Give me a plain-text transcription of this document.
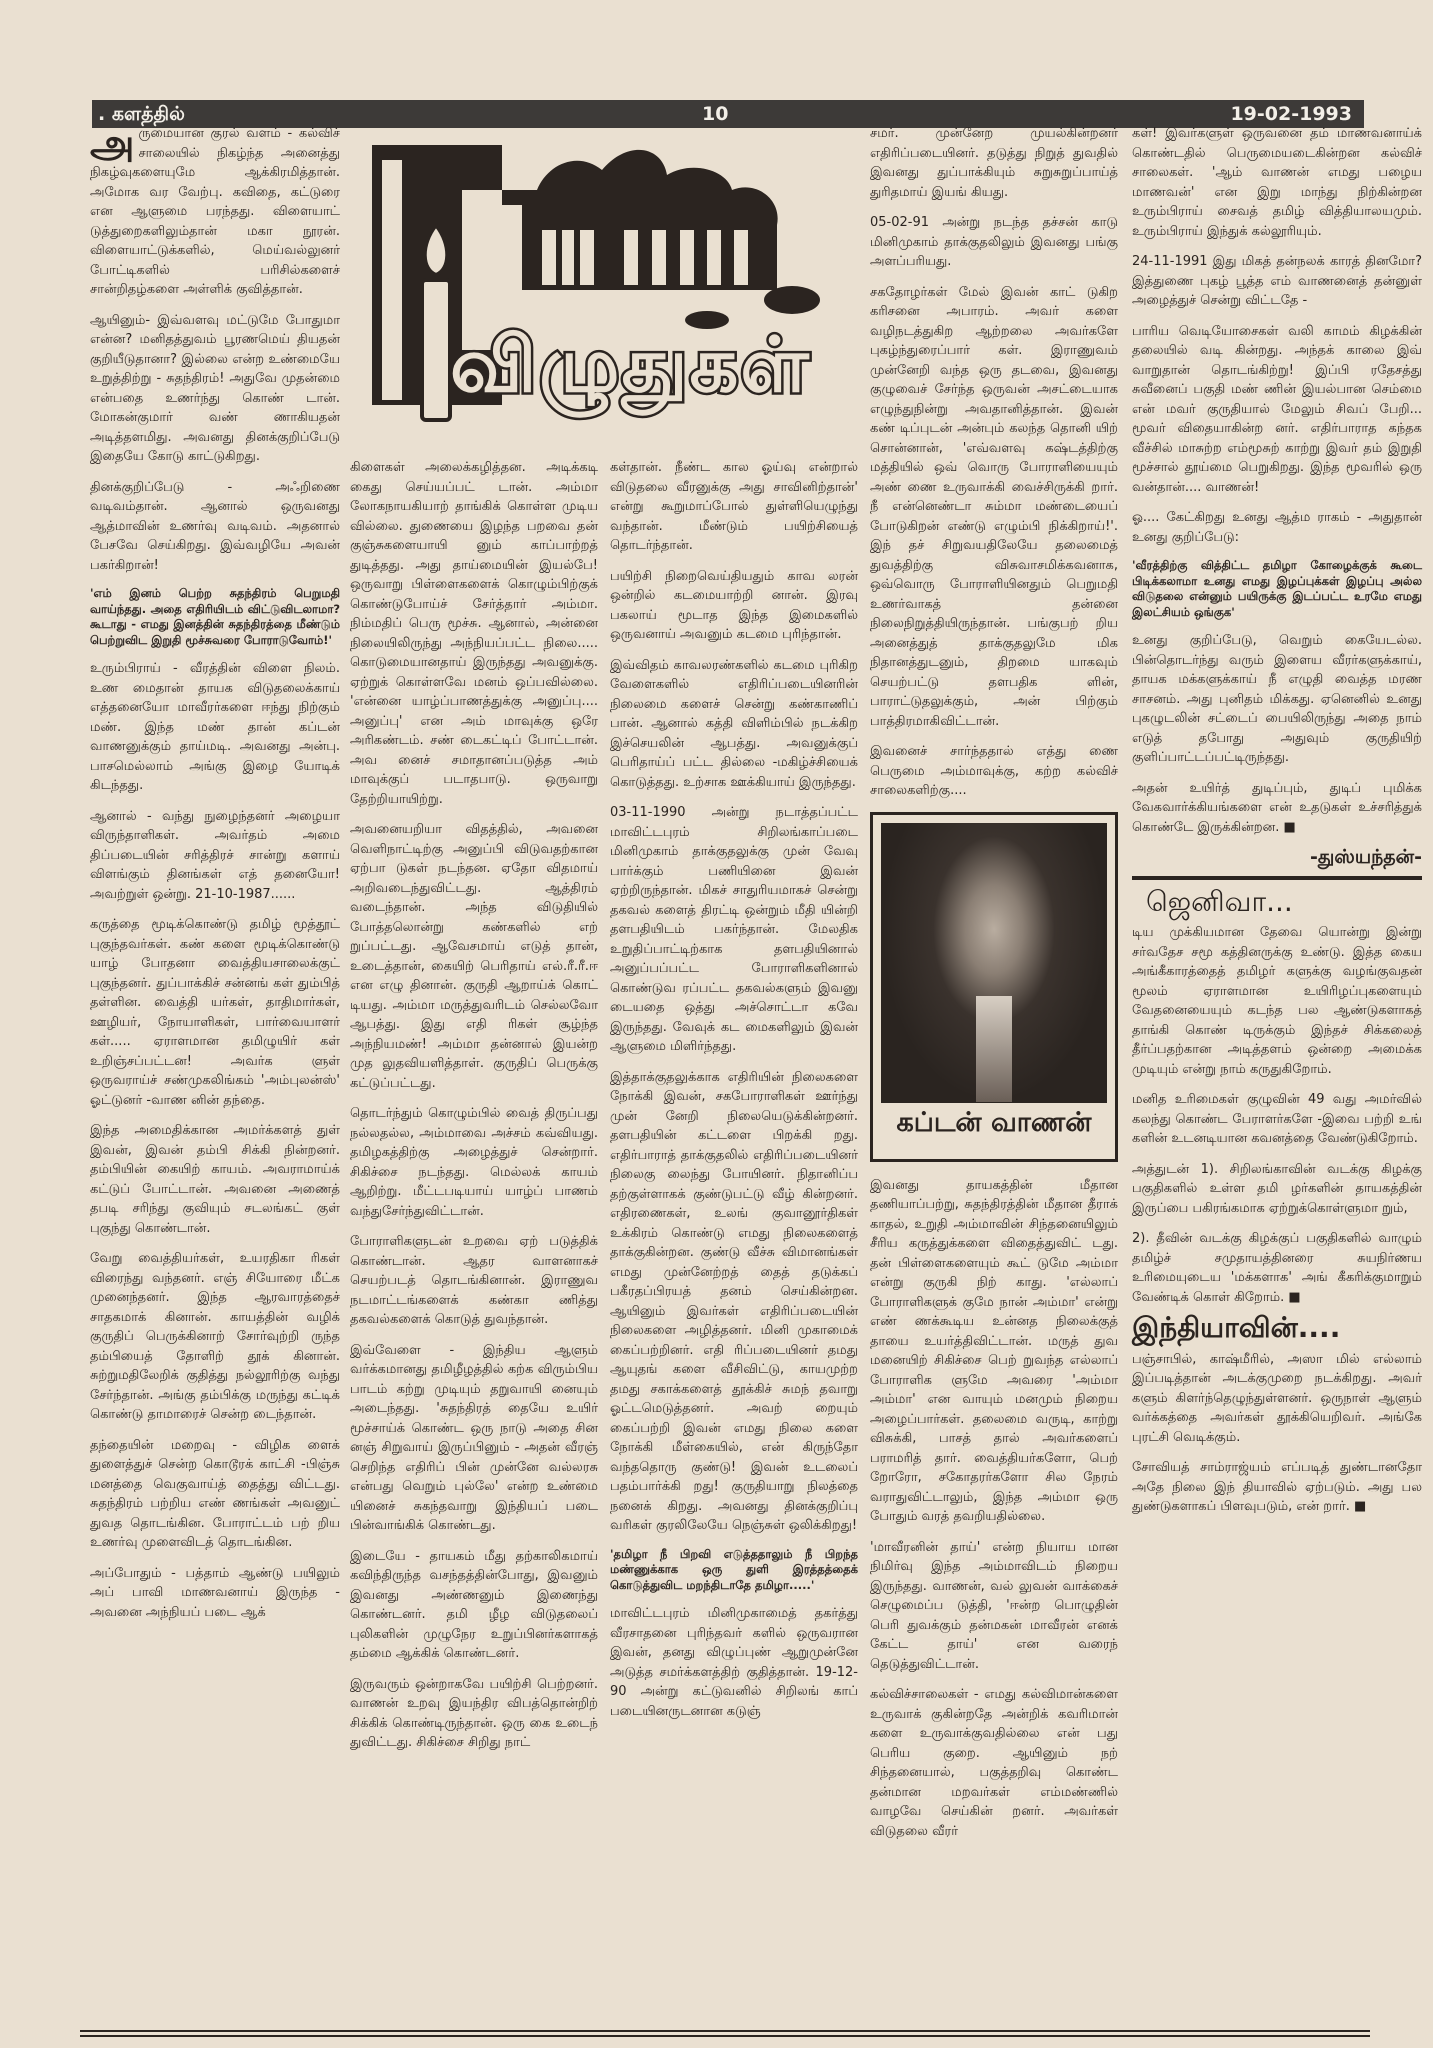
. களத்தில்	10	19-02-1993
விழுதுகள்

அருமையான குரல் வளம் - கல்விச் சாலையில் நிகழ்ந்த அனைத்து நிகழ்வுகளையுமே ஆக்கிரமித்தான். அமோக வர வேற்பு. கவிதை, கட்டுரை என ஆளுமை பரந்தது. விளையாட் டுத்துறைகளிலும்தான் மகா நூரன். விளையாட்டுக்களில், மெய்வல்லுனர் போட்டிகளில் பரிசில்களைச் சான்றிதழ்களை அள்ளிக் குவித்தான்.

ஆயினும்- இவ்வளவு மட்டுமே போதுமா என்ன? மனிதத்துவம் பூரணமெய் தியதன் குறியீடுதானா? இல்லை என்ற உண்மையே உறுத்திற்று - சுதந்திரம்! அதுவே முதன்மை என்பதை உணர்ந்து கொண் டான். மோகன்குமார் வண் ணாகியதன் அடித்தளமிது. அவனது தினக்குறிப்பேடு இதையே கோடு காட்டுகிறது.

தினக்குறிப்பேடு - அஃறிணை வடிவம்தான். ஆனால் ஒருவனது ஆத்மாவின் உணர்வு வடிவம். அதனால் பேசவே செய்கிறது. இவ்வழியே அவன் பகர்கிறான்!

'எம் இனம் பெற்ற சுதந்திரம் பெறுமதி வாய்ந்தது. அதை எதிரியிடம் விட்டுவிடலாமா? கூடாது - எமது இனத்தின் சுதந்திரத்தை மீண்டும் பெற்றுவிட இறுதி மூச்சுவரை போராடுவோம்!'

உரும்பிராய் - வீரத்தின் விளை நிலம். உண மைதான் தாயக விடுதலைக்காய் எத்தனையோ மாவீரர்களை ஈந்து நிற்கும் மண். இந்த மண் தான் கப்டன் வாணனுக்கும் தாய்மடி. அவனது அன்பு. பாசமெல்லாம் அங்கு இழை யோடிக் கிடந்தது.

ஆனால் - வந்து நுழைந்தனர் அழையா விருந்தாளிகள். அவர்தம் அமை திப்படையின் சரித்திரச் சான்று களாய் விளங்கும் தினங்கள் எத் தனையோ! அவற்றுள் ஒன்று. 21-10-1987......

கருத்தை மூடிக்கொண்டு தமிழ் மூத்தூட் புகுந்தவர்கள். கண் களை மூடிக்கொண்டு யாழ் போதனா வைத்தியசாலைக்குட் புகுந்தனர். துப்பாக்கிச் சன்னங் கள் தும்பித் தள்ளின. வைத்தி யர்கள், தாதிமார்கள், ஊழியர், நோயாளிகள், பார்வையாளர் கள்..... ஏராளமான தமிழுயிர் கள் உறிஞ்சப்பட்டன! அவர்க ளுள் ஒருவராய்ச் சண்முகலிங்கம் 'அம்புலன்ஸ்' ஓட்டுனர் -வாண னின் தந்தை.

இந்த அமைதிக்கான அமர்க்களத் துள் இவன், இவன் தம்பி சிக்கி நின்றனர். தம்பியின் கையிற் காயம். அவராமாய்க் கட்டுப் போட்டான். அவனை அணைத் தபடி சரிந்து குவியும் சடலங்கட் குள் புகுந்து கொண்டான்.

வேறு வைத்தியர்கள், உயரதிகா ரிகள் விரைந்து வந்தனர். எஞ் சியோரை மீட்க முனைந்தனர். இந்த ஆரவாரத்தைச் சாதகமாக் கினான். காயத்தின் வழிக் குருதிப் பெருக்கினாற் சோர்வுற்றி ருந்த தம்பியைத் தோளிற் தூக் கினான். சுற்றுமதிலேறிக் குதித்து நல்லூரிற்கு வந்து சேர்ந்தான். அங்கு தம்பிக்கு மருந்து கட்டிக் கொண்டு தாமாரைச் சென்ற டைந்தான்.

தந்தையின் மறைவு - விழிக ளைக் துளைத்துச் சென்ற கொடூரக் காட்சி -பிஞ்சு மனத்தை வெகுவாய்த் தைத்து விட்டது. சுதந்திரம் பற்றிய எண் ணங்கள் அவனுட் துவத தொடங்கின. போராட்டம் பற் றிய உணர்வு முளைவிடத் தொடங்கின.

அப்போதும் - பத்தாம் ஆண்டு பயிலும் அப் பாவி மாணவனாய் இருந்த - அவனை அந்நியப் படை ஆக்

கிளைகள் அலைக்கழித்தன. அடிக்கடி கைது செய்யப்பட் டான். அம்மா லோகநாயகியாற் தாங்கிக் கொள்ள முடிய வில்லை. துணையை இழந்த பறவை தன் குஞ்சுகளையாயி னும் காப்பாற்றத் துடித்தது. அது தாய்மையின் இயல்பே! ஒருவாறு பிள்ளைகளைக் கொழும்பிற்குக் கொண்டுபோய்ச் சேர்த்தார் அம்மா. நிம்மதிப் பெரு மூச்சு. ஆனால், அன்னை நிலையிலிருந்து அந்நியப்பட்ட நிலை..... கொடுமையானதாய் இருந்தது அவனுக்கு. ஏற்றுக் கொள்ளவே மனம் ஒப்பவில்லை. 'என்னை யாழ்ப்பாணத்துக்கு அனுப்பு.... அனுப்பு' என அம் மாவுக்கு ஒரே அரிகண்டம். சண் டைகட்டிப் போட்டான். அவ னைச் சமாதானப்படுத்த அம் மாவுக்குப் படாதபாடு. ஒருவாறு தேற்றியாயிற்று.

அவனையறியா விதத்தில், அவனை வெளிநாட்டிற்கு அனுப்பி விடுவதற்கான ஏற்பா டுகள் நடந்தன. ஏதோ விதமாய் அறிவடைந்துவிட்டது. ஆத்திரம் வடைந்தான். அந்த விடுதியில் போத்தலொன்று கண்களில் எற் றுப்பட்டது. ஆவேசமாய் எடுத் தான், உடைத்தான், கையிற் பெரிதாய் எல்.ரீ.ரீ.ஈ என எழு தினான். குருதி ஆறாய்க் கொட் டியது. அம்மா மருத்துவரிடம் செல்லவோ ஆபத்து. இது எதி ரிகள் சூழ்ந்த அந்நியமண்! அம்மா தன்னால் இயன்ற முத லுதவியளித்தாள். குருதிப் பெருக்கு கட்டுப்பட்டது.

தொடர்ந்தும் கொழும்பில் வைத் திருப்பது நல்லதல்ல, அம்மாவை அச்சம் கவ்வியது. தமிழகத்திற்கு அழைத்துச் சென்றார். சிகிச்சை நடந்தது. மெல்லக் காயம் ஆறிற்று. மீட்டபடியாய் யாழ்ப் பாணம் வந்துசேர்ந்துவிட்டான்.

போராளிகளுடன் உறவை ஏற் படுத்திக் கொண்டான். ஆதர வாளனாகச் செயற்படத் தொடங்கினான். இராணுவ நடமாட்டங்களைக் கண்கா ணித்து தகவல்களைக் கொடுத் துவந்தான்.

இவ்வேளை - இந்திய ஆளும் வர்க்கமானது தமிழீழத்தில் கற்க விரும்பிய பாடம் கற்று முடியும் தறுவாயி னையும் அடைந்தது. 'சுதந்திரத் தையே உயிர் மூச்சாய்க் கொண்ட ஒரு நாடு அதை சின னஞ் சிறுவாய் இருப்பினும் - அதன் வீரஞ் செறிந்த எதிரிப் பின் முன்னே வல்லரசு என்பது வெறும் புல்லே' என்ற உண்மை யினைச் சுகந்தவாறு இந்தியப் படை பின்வாங்கிக் கொண்டது.

இடையே - தாயகம் மீது தற்காலிகமாய் கவிந்திருந்த வசந்தத்தின்போது, இவனும் இவனது அண்ணனும் இணைந்து கொண்டனர். தமி ழீழ விடுதலைப் புலிகளின் முழுநேர உறுப்பினர்களாகத் தம்மை ஆக்கிக் கொண்டனர்.

இருவரும் ஒன்றாகவே பயிற்சி பெற்றனர். வாணன் உறவு இயந்திர விபத்தொன்றிற் சிக்கிக் கொண்டிருந்தான். ஒரு கை உடைந் துவிட்டது. சிகிச்சை சிறிது நாட்

கள்தான். நீண்ட கால ஓய்வு என்றால் விடுதலை வீரனுக்கு அது சாவினிற்தான்' என்று கூறுமாப்போல் துள்ளியெழுந்து வந்தான். மீண்டும் பயிற்சியைத் தொடர்ந்தான்.

பயிற்சி நிறைவெய்தியதும் காவ லரன் ஒன்றில் கடமையாற்றி னான். இரவு பகலாய் மூடாத இந்த இமைகளில் ஒருவனாய் அவனும் கடமை புரிந்தான்.

இவ்விதம் காவலரண்களில் கடமை புரிகிற வேளைகளில் எதிரிப்படையினரின் நிலைமை களைச் சென்று கண்காணிப் பான். ஆனால் கத்தி விளிம்பில் நடக்கிற இச்செயலின் ஆபத்து. அவனுக்குப் பெரிதாய்ப் பட்ட தில்லை -மகிழ்ச்சியைக் கொடுத்தது. உற்சாக ஊக்கியாய் இருந்தது.

03-11-1990 அன்று நடாத்தப்பட்ட மாவிட்டபுரம் சிறிலங்காப்படை மினிமுகாம் தாக்குதலுக்கு முன் வேவு பார்க்கும் பணியினை இவன் ஏற்றிருந்தான். மிகச் சாதுரியமாகச் சென்று தகவல் களைத் திரட்டி ஒன்றும் மீதி யின்றி தளபதியிடம் பகர்ந்தான். மேலதிக உறுதிப்பாட்டிற்காக தளபதியினால் அனுப்பப்பட்ட போராளிகளினால் கொண்டுவ ரப்பட்ட தகவல்களும் இவனு டையதை ஒத்து அச்சொட்டா கவே இருந்தது. வேவுக் கட மைகளிலும் இவன் ஆளுமை மிளிர்ந்தது.

இத்தாக்குதலுக்காக எதிரியின் நிலைகளை நோக்கி இவன், சகபோராளிகள் ஊர்ந்து முன் னேறி நிலையெடுக்கின்றனர். தளபதியின் கட்டளை பிறக்கி றது. எதிர்பாராத் தாக்குதலில் எதிரிப்படையினர் நிலைகு லைந்து போயினர். நிதானிப்ப தற்குள்ளாகக் குண்டுபட்டு வீழ் கின்றனர். எதிரணைகள், உலங் குவானூர்திகள் உக்கிரம் கொண்டு எமது நிலைகளைத் தாக்குகின்றன. குண்டு வீச்சு விமானங்கள் எமது முன்னேற்றத் தைத் தடுக்கப் பகீரதப்பிரயத் தனம் செய்கின்றன. ஆயினும் இவர்கள் எதிரிப்படையின் நிலைகளை அழித்தனர். மினி முகாமைக் கைப்பற்றினர். எதி ரிப்படையினர் தமது ஆயுதங் களை வீசிவிட்டு, காயமுற்ற தமது சகாக்களைத் தூக்கிச் சுமந் தவாறு ஓட்டமெடுத்தனர். அவற் றையும் கைப்பற்றி இவன் எமது நிலை களை நோக்கி மீள்கையில், என் கிருந்தோ வந்ததொரு குண்டு! இவன் உடலைப் பதம்பார்க்கி றது! குருதியாறு நிலத்தை நனைக் கிறது. அவனது தினக்குறிப்பு வரிகள் குரலிலேயே நெஞ்சுள் ஒலிக்கிறது!

'தமிழா நீ பிறவி எடுத்ததாலும் நீ பிறந்த மண்ணுக்காக ஒரு துளி இரத்தத்தைக் கொடுத்துவிட மறந்திடாதே தமிழா.....'

மாவிட்டபுரம் மினிமுகாமைத் தகர்த்து வீரசாதனை புரிந்தவர் களில் ஒருவரான இவன், தனது விழுப்புண் ஆறுமுன்னே அடுத்த சமர்க்களத்திற் குதித்தான். 19-12-90 அன்று கட்டுவனில் சிறிலங் காப் படையினருடனான கடுஞ்

சமர். முன்னேற முயல்கின்றனர் எதிரிப்படையினர். தடுத்து நிறுத் துவதில் இவனது துப்பாக்கியும் சுறுசுறுப்பாய்த் துரிதமாய் இயங் கியது.

05-02-91 அன்று நடந்த தச்சன் காடு மினிமுகாம் தாக்குதலிலும் இவனது பங்கு அளப்பரியது.

சகதோழர்கள் மேல் இவன் காட் டுகிற கரிசனை அபாரம். அவர் களை வழிநடத்துகிற ஆற்றலை அவர்களே புகழ்ந்துரைப்பார் கள். இராணுவம் முன்னேறி வந்த ஒரு தடவை, இவனது குழுவைச் சேர்ந்த ஒருவன் அசட்டையாக எழுந்துநின்று அவதானித்தான். இவன் கண் டிப்புடன் அன்பும் கலந்த தொனி யிற் சொன்னான், 'எவ்வளவு கஷ்டத்திற்கு மத்தியில் ஒவ் வொரு போராளியையும் அண் ணை உருவாக்கி வைச்சிருக்கி றார். நீ என்னெண்டா சும்மா மண்டையைப் போடுகிறன் எண்டு எழும்பி நிக்கிறாய்!'. இந் தச் சிறுவயதிலேயே தலைமைத் துவத்திற்கு விசுவாசமிக்கவனாக, ஒவ்வொரு போராளியினதும் பெறுமதி உணர்வாகத் தன்னை நிலைநிறுத்தியிருந்தான். பங்குபற் றிய அனைத்துத் தாக்குதலுமே மிக நிதானத்துடனும், திறமை யாகவும் செயற்பட்டு தளபதிக ளின், பாராட்டுதலுக்கும், அன் பிற்கும் பாத்திரமாகிவிட்டான்.

இவனைச் சார்ந்ததால் எத்து ணை பெருமை அம்மாவுக்கு, கற்ற கல்விச் சாலைகளிற்கு....

கப்டன் வாணன்

இவனது தாயகத்தின் மீதான தணியாப்பற்று, சுதந்திரத்தின் மீதான தீராக் காதல், உறுதி அம்மாவின் சிந்தனையிலும் சீரிய கருத்துக்களை விதைத்துவிட் டது. தன் பிள்ளைகளையும் கூட் டுமே அம்மா என்று குருகி நிற் காது. 'எல்லாப் போராளிகளுக் குமே நான் அம்மா' என்று எண் ணக்கூடிய உன்னத நிலைக்குத் தாயை உயர்த்திவிட்டான். மருத் துவ மனையிற் சிகிச்சை பெற் றுவந்த எல்லாப் போராளிக ளுமே அவரை 'அம்மா அம்மா' என வாயும் மனமும் நிறைய அழைப்பார்கள். தலைமை வருடி, காற்று விசுக்கி, பாசத் தால் அவர்களைப் பராமரித் தார். வைத்தியர்களோ, பெற் றோரோ, சகோதரர்களோ சில நேரம் வராதுவிட்டாலும், இந்த அம்மா ஒரு போதும் வரத் தவறியதில்லை.

'மாவீரனின் தாய்' என்ற நியாய மான நிமிர்வு இந்த அம்மாவிடம் நிறைய இருந்தது. வாணன், வல் லுவன் வாக்கைச் செழுமைப்ப டுத்தி, 'ஈன்ற பொழுதின் பெரி துவக்கும் தன்மகன் மாவீரன் எனக் கேட்ட தாய்' என வரைந் தெடுத்துவிட்டான்.

கல்விச்சாலைகள் - எமது கல்விமான்களை உருவாக் குகின்றதே அன்றிக் கவரிமான் களை உருவாக்குவதில்லை என் பது பெரிய குறை. ஆயினும் நற் சிந்தனையால், பகுத்தறிவு கொண்ட தன்மான மறவர்கள் எம்மண்ணில் வாழவே செய்கின் றனர். அவர்கள் விடுதலை வீரர்

கள்! இவர்களுள் ஒருவனை தம் மாணவனாய்க் கொண்டதில் பெருமையடைகின்றன கல்விச் சாலைகள். 'ஆம் வாணன் எமது பழைய மாணவன்' என இறு மாந்து நிற்கின்றன உரும்பிராய் சைவத் தமிழ் வித்தியாலயமும். உரும்பிராய் இந்துக் கல்லூரியும்.

24-11-1991 இது மிகத் தன்நலக் காரத் தினமோ? இத்துணை புகழ் பூத்த எம் வாணனைத் தன்னுள் அழைத்துச் சென்று விட்டதே -

பாரிய வெடியோசைகள் வலி காமம் கிழக்கின் தலையில் வடி கின்றது. அந்தக் காலை இவ் வாறுதான் தொடங்கிற்று! இப்பி ரதேசத்து சுவீனைப் பகுதி மண் ணின் இயல்பான செம்மை என் மவர் குருதியால் மேலும் சிவப் பேறி... மூவர் விதையாகின்ற னர். எதிர்பாராத கந்தக வீச்சில் மாசுற்ற எம்மூசுற் காற்று இவர் தம் இறுதி மூச்சால் தூய்மை பெறுகிறது. இந்த மூவரில் ஒரு வன்தான்.... வாணன்!

ஓ.... கேட்கிறது உனது ஆத்ம ராகம் - அதுதான் உனது குறிப்பேடு:

'வீரத்திற்கு வித்திட்ட தமிழா கோழைக்குக் கூடை பிடிக்கலாமா உனது எமது இழப்புக்கள் இழப்பு அல்ல விடுதலை என்னும் பயிருக்கு இடப்பட்ட உரமே எமது இலட்சியம் ஒங்குக'

உனது குறிப்பேடு, வெறும் கையேடல்ல. பின்தொடர்ந்து வரும் இளைய வீரர்களுக்காய், தாயக மக்களுக்காய் நீ எழுதி வைத்த மரண சாசனம். அது புனிதம் மிக்கது. ஏனெனில் உனது புகழுடலின் சட்டைப் பையிலிருந்து அதை நாம் எடுத் தபோது அதுவும் குருதியிற் குளிப்பாட்டப்பட்டிருந்தது.

அதன் உயிர்த் துடிப்பும், துடிப் புமிக்க வேகவார்க்கியங்களை என் உதடுகள் உச்சரித்துக் கொண்டே இருக்கின்றன. ■

-துஸ்யந்தன்-
ஜெனிவா...

டிய முக்கியமான தேவை யொன்று இன்று சர்வதேச சமூ கத்தினருக்கு உண்டு. இத்த கைய அங்கீகாரத்தைத் தமிழர் களுக்கு வழங்குவதன் மூலம் ஏராளமான உயிரிழப்புகளையும் வேதனையையும் கடந்த பல ஆண்டுகளாகத் தாங்கி கொண் டிருக்கும் இந்தச் சிக்கலைத் தீர்ப்பதற்கான அடித்தளம் ஒன்றை அமைக்க முடியும் என்று நாம் கருதுகிறோம்.

மனித உரிமைகள் குழுவின் 49 வது அமர்வில் கலந்து கொண்ட பேராளர்களே -இவை பற்றி உங் களின் உடனடியான கவனத்தை வேண்டுகிறோம்.

அத்துடன் 1). சிறிலங்காவின் வடக்கு கிழக்கு பகுதிகளில் உள்ள தமி ழர்களின் தாயகத்தின் இருப்பை பகிரங்கமாக ஏற்றுக்கொள்ளுமா றும்,

2). தீவின் வடக்கு கிழக்குப் பகுதிகளில் வாழும் தமிழ்ச் சமுதாயத்தினரை சுயநிர்ணய உரிமையுடைய 'மக்களாக' அங் கீகரிக்குமாறும் வேண்டிக் கொள் கிறோம். ■

இந்தியாவின்....

பஞ்சாபில், காஷ்மீரில், அஸா மில் எல்லாம் இப்படித்தான் அடக்குமுறை நடக்கிறது. அவர் களும் கிளர்ந்தெழுந்துள்ளனர். ஒருநாள் ஆளும் வர்க்கத்தை அவர்கள் தூக்கியெறிவர். அங்கே புரட்சி வெடிக்கும்.

சோவியத் சாம்ராஜ்யம் எப்படித் துண்டானதோ அதே நிலை இந் தியாவில் ஏற்படும். அது பல துண்டுகளாகப் பிளவுபடும், என் றார். ■
